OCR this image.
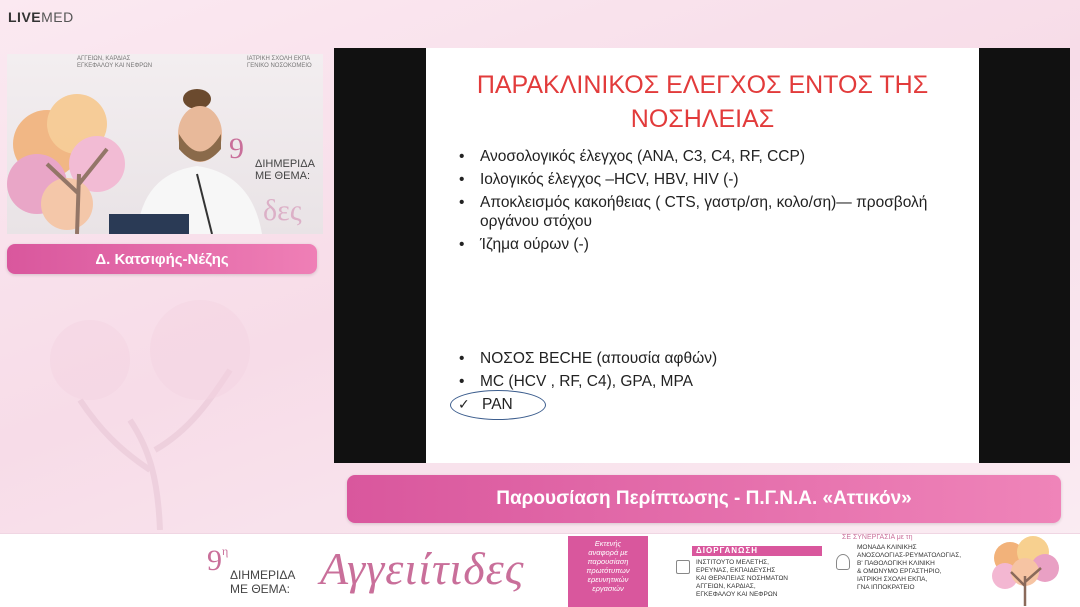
LIVEMED
ΑΓΓΕΙΩΝ, ΚΑΡΔΙΑΣ
ΕΓΚΕΦΑΛΟΥ ΚΑΙ ΝΕΦΡΩΝ
ΙΑΤΡΙΚΗ ΣΧΟΛΗ ΕΚΠΑ
ΓΕΝΙΚΟ ΝΟΣΟΚΟΜΕΙΟ
9 ΔΙΗΜΕΡΙΔΑ
ΜΕ ΘΕΜΑ:
δες
Δ. Κατσιφής-Νέζης
ΠΑΡΑΚΛΙΝΙΚΟΣ ΕΛΕΓΧΟΣ ΕΝΤΟΣ ΤΗΣ
ΝΟΣΗΛΕΙΑΣ
• Ανοσολογικός έλεγχος (ANA, C3, C4, RF, CCP)
• Ιολογικός έλεγχος –HCV, HBV, HIV (-)
• Αποκλεισμός κακοήθειας ( CTS, γαστρ/ση, κολο/ση)— προσβολή οργάνου στόχου
• Ίζημα ούρων (-)
• ΝΟΣΟΣ BECHE (απουσία αφθών)
• MC (HCV , RF, C4), GPA, MPA
✓ PAN
Παρουσίαση Περίπτωσης - Π.Γ.Ν.Α. «Αττικόν»
$9^\eta$
ΔΙΗΜΕΡΙΔΑ
ΜΕ ΘΕΜΑ: Αγγειίτιδες	Εκτενής
αναφορά με
παρουσίαση
πρωτότυπων
ερευνητικών
εργασιών
ΔΙΟΡΓΑΝΩΣΗ
ΙΝΣΤΙΤΟΥΤΟ ΜΕΛΕΤΗΣ,
ΕΡΕΥΝΑΣ, ΕΚΠΑΙΔΕΥΣΗΣ
ΚΑΙ ΘΕΡΑΠΕΙΑΣ ΝΟΣΗΜΑΤΩΝ
ΑΓΓΕΙΩΝ, ΚΑΡΔΙΑΣ,
ΕΓΚΕΦΑΛΟΥ ΚΑΙ ΝΕΦΡΩΝ
ΣΕ ΣΥΝΕΡΓΑΣΙΑ με τη
ΜΟΝΑΔΑ ΚΛΙΝΙΚΗΣ
ΑΝΟΣΟΛΟΓΙΑΣ-ΡΕΥΜΑΤΟΛΟΓΙΑΣ,
Β' ΠΑΘΟΛΟΓΙΚΗ ΚΛΙΝΙΚΗ
& ΟΜΩΝΥΜΟ ΕΡΓΑΣΤΗΡΙΟ,
ΙΑΤΡΙΚΗ ΣΧΟΛΗ ΕΚΠΑ,
ΓΝΑ ΙΠΠΟΚΡΑΤΕΙΟ
